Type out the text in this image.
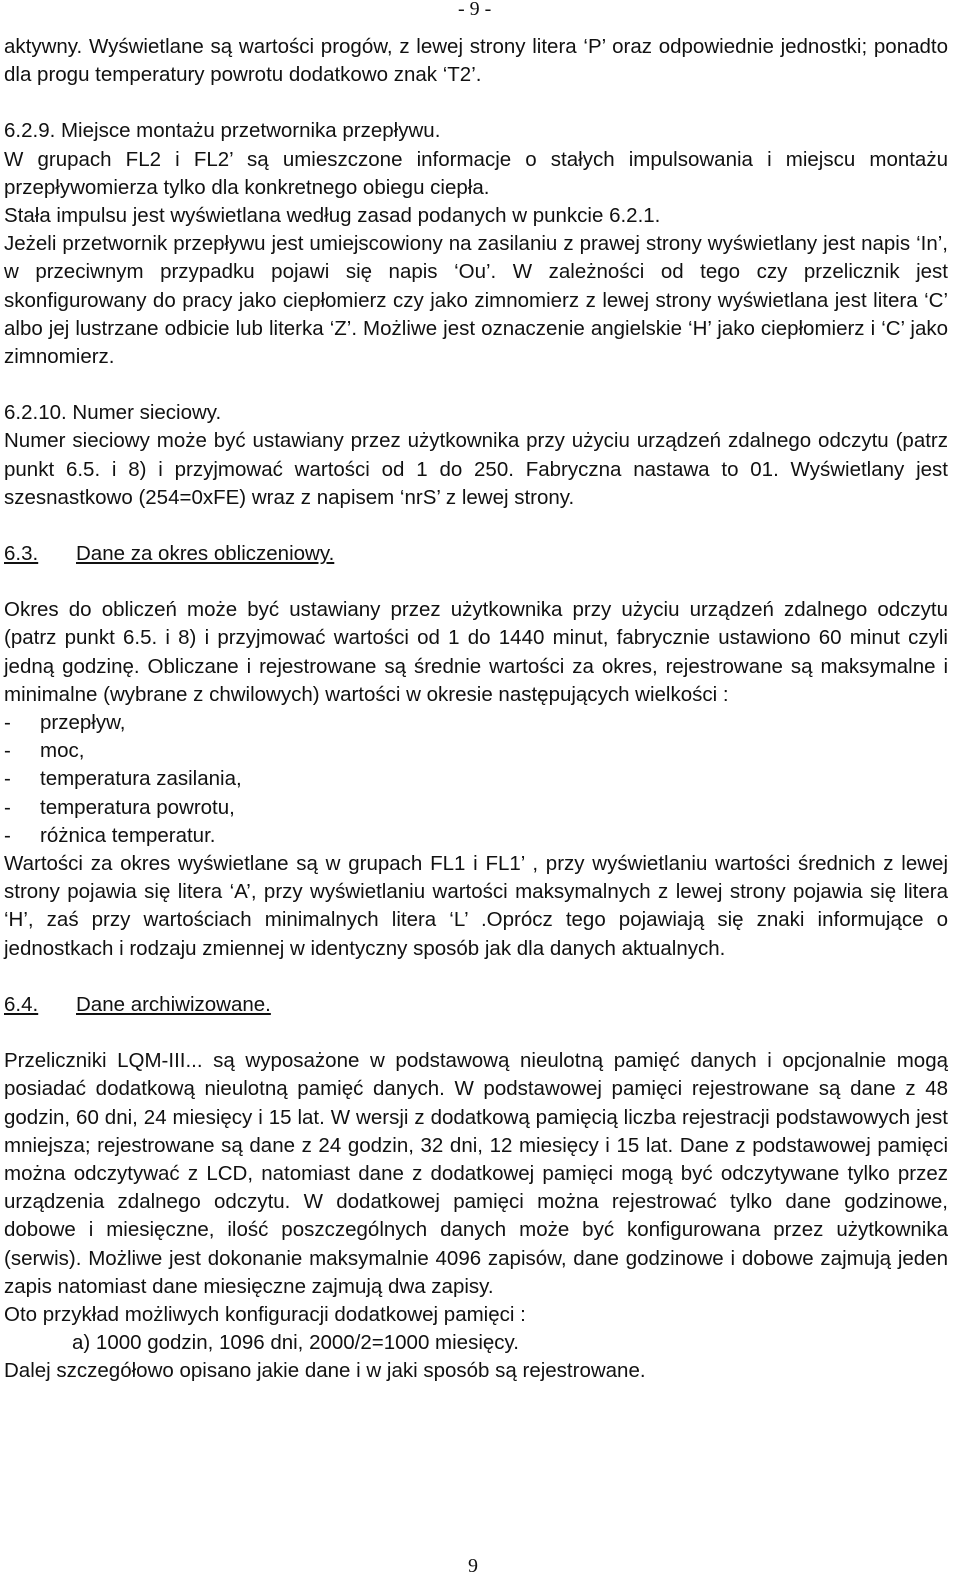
- 9 -

aktywny. Wyświetlane są wartości progów, z lewej strony litera ‘P’ oraz odpowiednie jednostki; ponadto dla progu temperatury powrotu dodatkowo znak ‘T2’.

6.2.9. Miejsce montażu przetwornika przepływu.

W grupach FL2 i FL2’ są umieszczone informacje o stałych impulsowania i miejscu montażu przepływomierza tylko dla konkretnego obiegu ciepła.

Stała impulsu jest wyświetlana według zasad podanych w punkcie 6.2.1.

Jeżeli przetwornik przepływu jest umiejscowiony na zasilaniu z prawej strony wyświetlany jest napis ‘In’, w przeciwnym przypadku pojawi się napis ‘Ou’. W zależności od tego czy przelicznik jest skonfigurowany do pracy jako ciepłomierz czy jako zimnomierz z lewej strony wyświetlana jest litera ‘C’ albo jej lustrzane odbicie lub literka ‘Z’. Możliwe jest oznaczenie angielskie ‘H’ jako ciepłomierz i ‘C’ jako zimnomierz.

6.2.10. Numer sieciowy.

Numer sieciowy może być ustawiany przez użytkownika przy użyciu urządzeń zdalnego odczytu (patrz punkt 6.5. i 8) i przyjmować wartości od 1 do 250. Fabryczna nastawa to 01. Wyświetlany jest szesnastkowo (254=0xFE) wraz z napisem ‘nrS’ z lewej strony.

6.3. Dane za okres obliczeniowy.

Okres do obliczeń może być ustawiany przez użytkownika przy użyciu urządzeń zdalnego odczytu (patrz punkt 6.5. i 8) i przyjmować wartości od 1 do 1440 minut, fabrycznie ustawiono 60 minut czyli jedną godzinę. Obliczane i rejestrowane są średnie wartości za okres, rejestrowane są maksymalne i minimalne (wybrane z chwilowych) wartości w okresie następujących wielkości :

-	przepływ,
-	moc,
-	temperatura zasilania,
-	temperatura powrotu,
-	różnica temperatur.

Wartości za okres wyświetlane są w grupach FL1 i FL1’ , przy wyświetlaniu wartości średnich z lewej strony pojawia się litera ‘A’, przy wyświetlaniu wartości maksymalnych z lewej strony pojawia się litera ‘H’, zaś przy wartościach minimalnych litera ‘L’ .Oprócz tego pojawiają się znaki informujące o jednostkach i rodzaju zmiennej w identyczny sposób jak dla danych aktualnych.

6.4. Dane archiwizowane.

Przeliczniki LQM-III... są wyposażone w podstawową nieulotną pamięć danych i opcjonalnie mogą posiadać dodatkową nieulotną pamięć danych. W podstawowej pamięci rejestrowane są dane z 48 godzin, 60 dni, 24 miesięcy i 15 lat. W wersji z dodatkową pamięcią liczba rejestracji podstawowych jest mniejsza; rejestrowane są dane z 24 godzin, 32 dni, 12 miesięcy i 15 lat. Dane z podstawowej pamięci można odczytywać z LCD, natomiast dane z dodatkowej pamięci mogą być odczytywane tylko przez urządzenia zdalnego odczytu. W dodatkowej pamięci można rejestrować tylko dane godzinowe, dobowe i miesięczne, ilość poszczególnych danych może być konfigurowana przez użytkownika (serwis). Możliwe jest dokonanie maksymalnie 4096 zapisów, dane godzinowe i dobowe zajmują jeden zapis natomiast dane miesięczne zajmują dwa zapisy.

Oto przykład możliwych konfiguracji dodatkowej pamięci :

a) 1000 godzin, 1096 dni, 2000/2=1000 miesięcy.

Dalej szczegółowo opisano jakie dane i w jaki sposób są rejestrowane.

9
